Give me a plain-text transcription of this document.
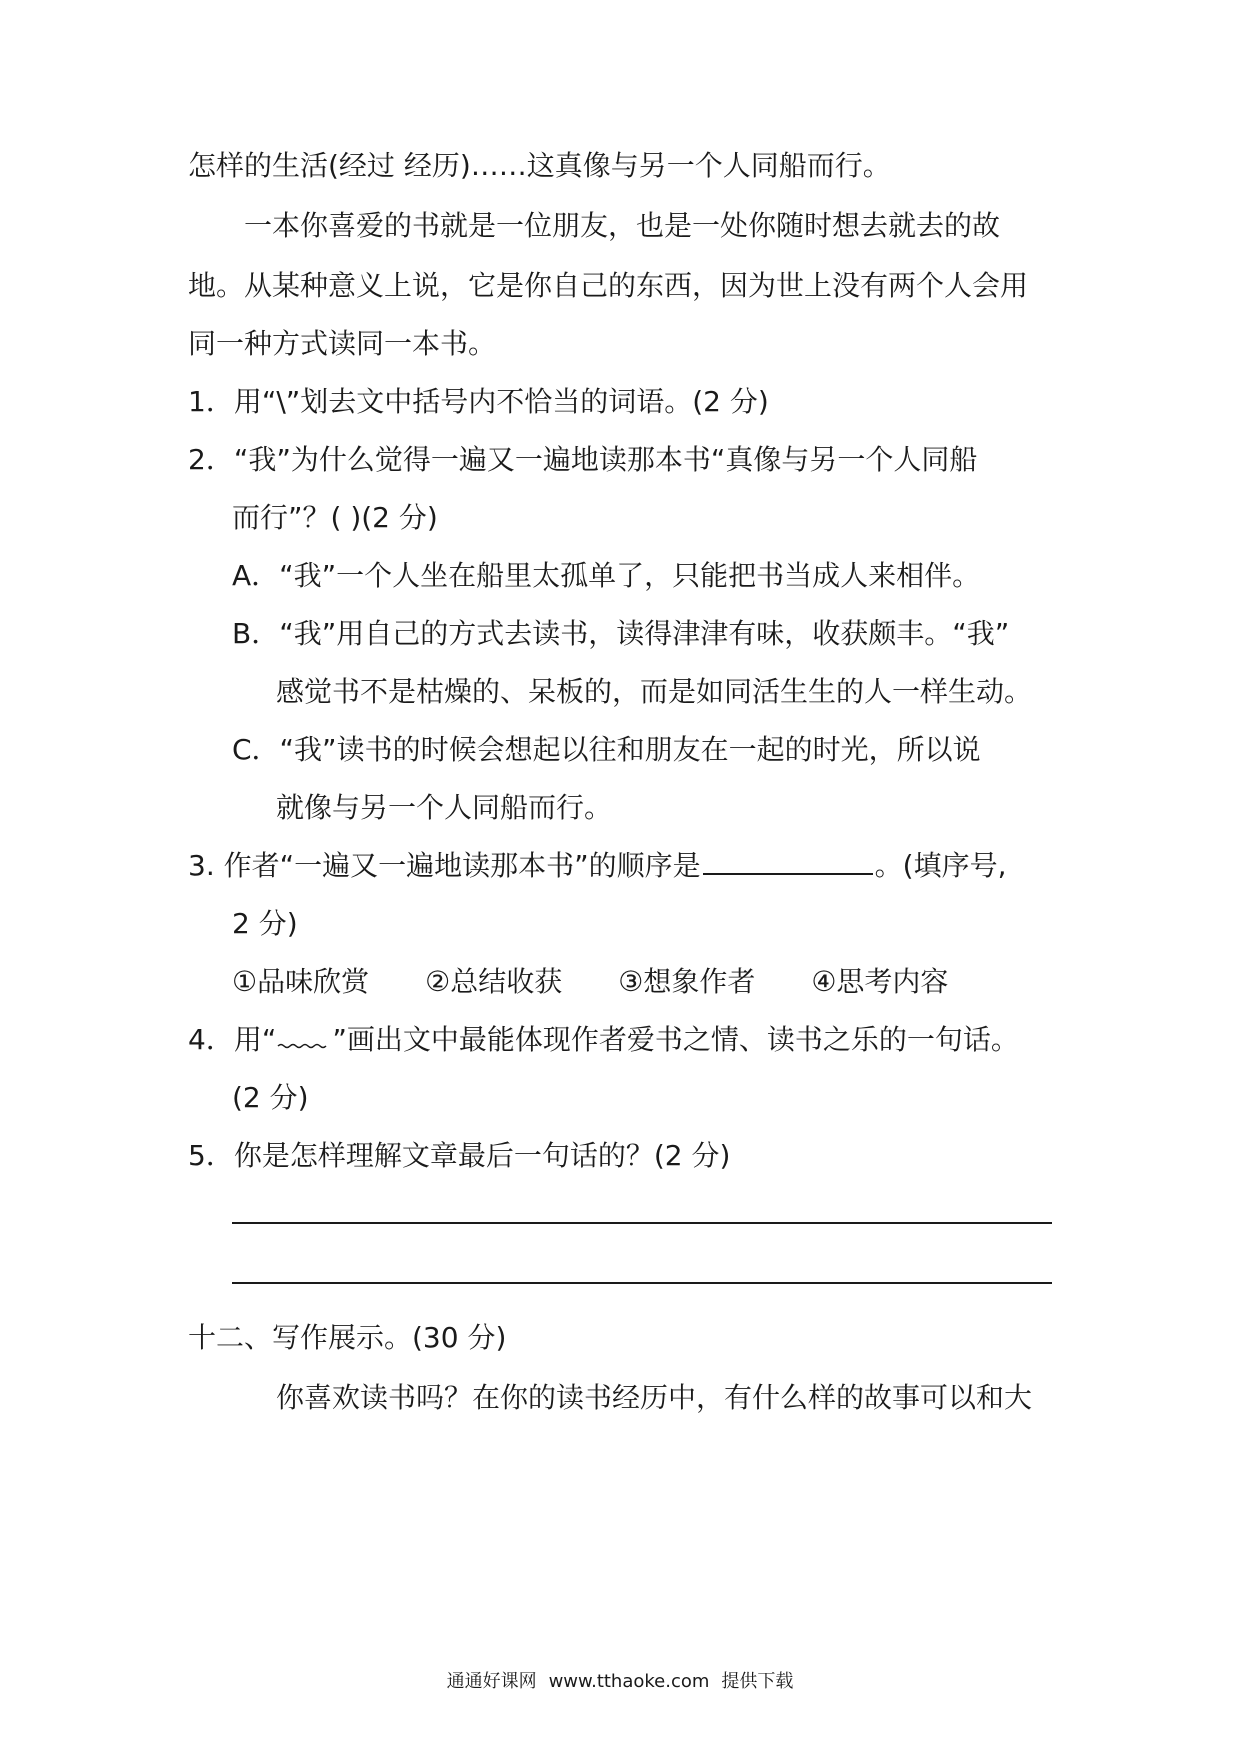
怎样的生活(经过 经历)……这真像与另一个人同船而行。
一本你喜爱的书就是一位朋友，也是一处你随时想去就去的故
地。从某种意义上说，它是你自己的东西，因为世上没有两个人会用
同一种方式读同一本书。
1．用“\”划去文中括号内不恰当的词语。(2 分)
2．“我”为什么觉得一遍又一遍地读那本书“真像与另一个人同船
而行”？( )(2 分)
A．“我”一个人坐在船里太孤单了，只能把书当成人来相伴。
B．“我”用自己的方式去读书，读得津津有味，收获颇丰。“我”
感觉书不是枯燥的、呆板的，而是如同活生生的人一样生动。
C．“我”读书的时候会想起以往和朋友在一起的时光，所以说
就像与另一个人同船而行。
3. 作者“一遍又一遍地读那本书”的顺序是	。(填序号,
2 分)
①品味欣赏 ②总结收获 ③想象作者 ④思考内容
4．用“ ”画出文中最能体现作者爱书之情、读书之乐的一句话。
(2 分)
5．你是怎样理解文章最后一句话的？(2 分)
十二、写作展示。(30 分)
你喜欢读书吗？在你的读书经历中，有什么样的故事可以和大
通通好课网 www.tthaoke.com 提供下载
